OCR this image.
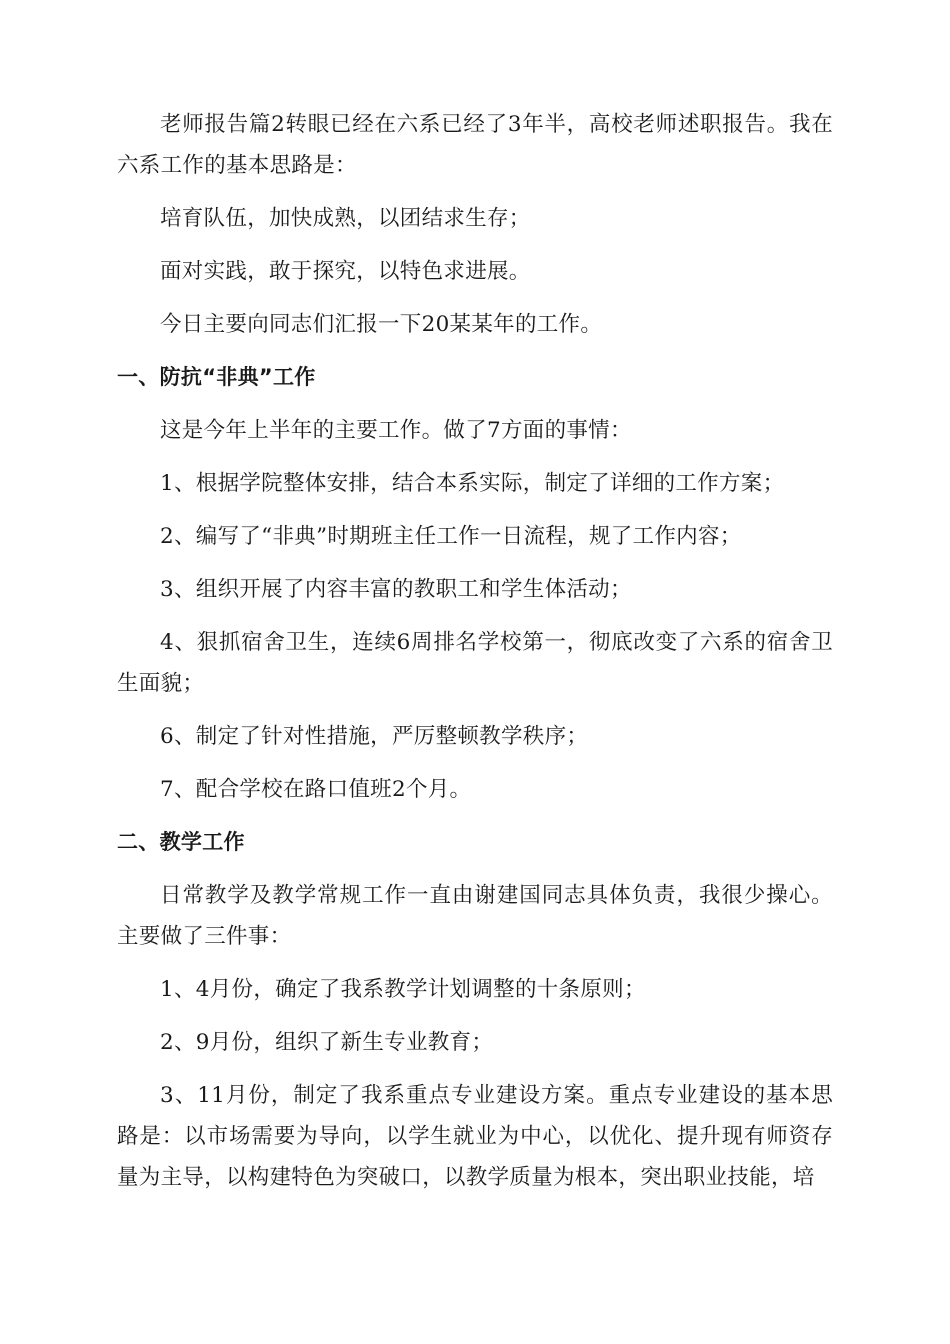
老师报告篇2转眼已经在六系已经了3年半，高校老师述职报告。我在六系工作的基本思路是：

培育队伍，加快成熟，以团结求生存；

面对实践，敢于探究，以特色求进展。

今日主要向同志们汇报一下20某某年的工作。

一、防抗“非典”工作

这是今年上半年的主要工作。做了7方面的事情：

1、根据学院整体安排，结合本系实际，制定了详细的工作方案；

2、编写了“非典”时期班主任工作一日流程，规了工作内容；

3、组织开展了内容丰富的教职工和学生体活动；

4、狠抓宿舍卫生，连续6周排名学校第一，彻底改变了六系的宿舍卫生面貌；

6、制定了针对性措施，严厉整顿教学秩序；

7、配合学校在路口值班2个月。

二、教学工作

日常教学及教学常规工作一直由谢建国同志具体负责，我很少操心。主要做了三件事：

1、4月份，确定了我系教学计划调整的十条原则；

2、9月份，组织了新生专业教育；

3、11月份，制定了我系重点专业建设方案。重点专业建设的基本思路是：以市场需要为导向，以学生就业为中心，以优化、提升现有师资存量为主导，以构建特色为突破口，以教学质量为根本，突出职业技能，培
